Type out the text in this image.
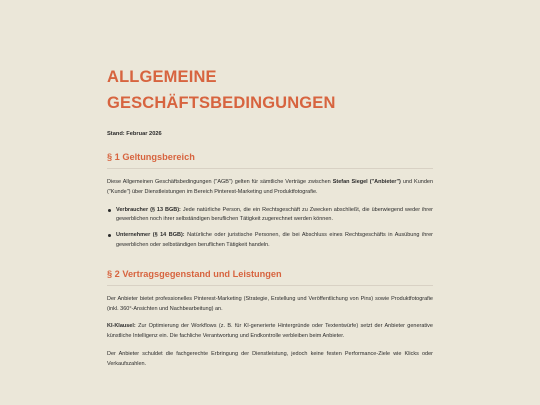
ALLGEMEINE
GESCHÄFTSBEDINGUNGEN
Stand: Februar 2026
§ 1 Geltungsbereich

Diese Allgemeinen Geschäftsbedingungen ("AGB") gelten für sämtliche Verträge zwischen Stefan Siegel ("Anbieter") und Kunden ("Kunde") über Dienstleistungen im Bereich Pinterest-Marketing und Produktfotografie.

Verbraucher (§ 13 BGB): Jede natürliche Person, die ein Rechtsgeschäft zu Zwecken abschließt, die überwiegend weder ihrer gewerblichen noch ihrer selbständigen beruflichen Tätigkeit zugerechnet werden können.
Unternehmer (§ 14 BGB): Natürliche oder juristische Personen, die bei Abschluss eines Rechtsgeschäfts in Ausübung ihrer gewerblichen oder selbständigen beruflichen Tätigkeit handeln.
§ 2 Vertragsgegenstand und Leistungen

Der Anbieter bietet professionelles Pinterest-Marketing (Strategie, Erstellung und Veröffentlichung von Pins) sowie Produktfotografie (inkl. 360°-Ansichten und Nachbearbeitung) an.

KI-Klausel: Zur Optimierung der Workflows (z. B. für KI-generierte Hintergründe oder Textentwürfe) setzt der Anbieter generative künstliche Intelligenz ein. Die fachliche Verantwortung und Endkontrolle verbleiben beim Anbieter.

Der Anbieter schuldet die fachgerechte Erbringung der Dienstleistung, jedoch keine festen Performance-Ziele wie Klicks oder Verkaufszahlen.
